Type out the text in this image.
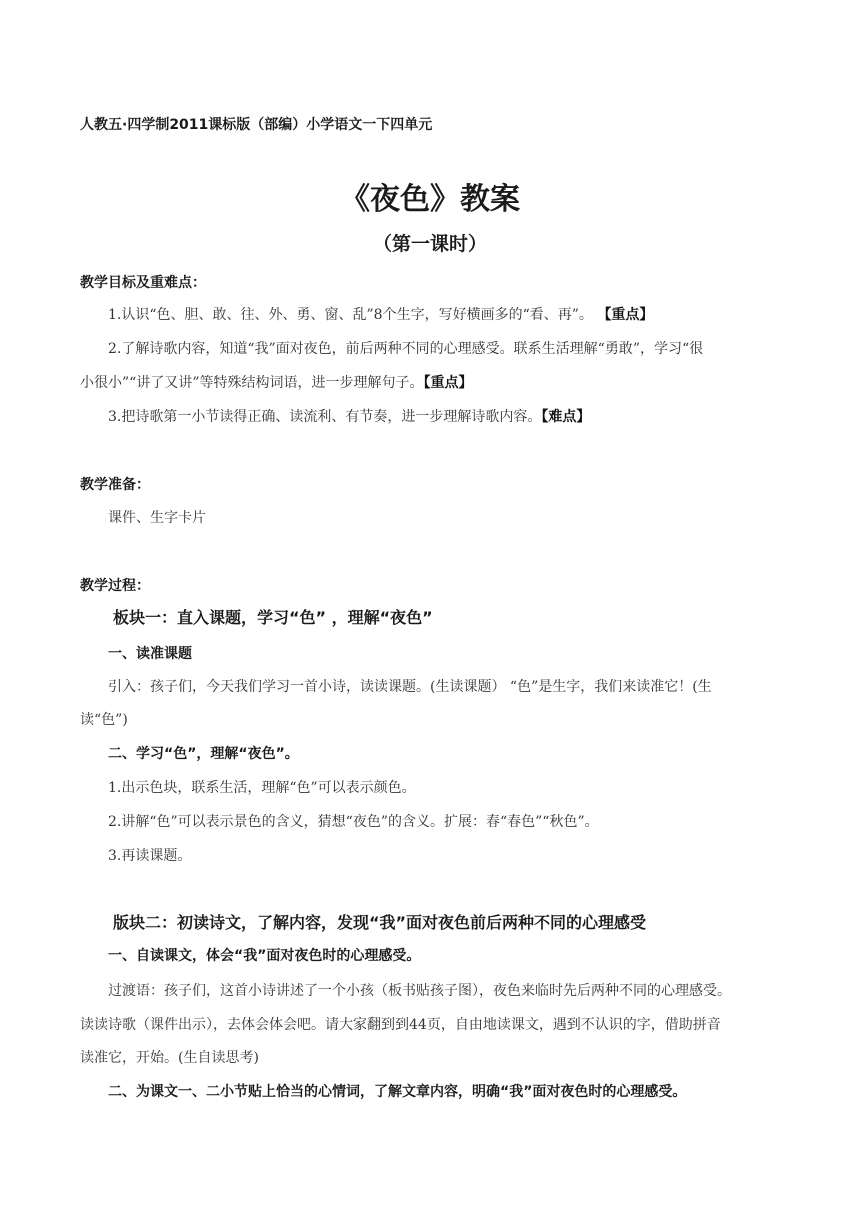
人教五·四学制2011课标版（部编）小学语文一下四单元
《夜色》教案
（第一课时）
教学目标及重难点：
1.认识“色、胆、敢、往、外、勇、窗、乱”8个生字，写好横画多的“看、再”。 【重点】
2.了解诗歌内容，知道“我”面对夜色，前后两种不同的心理感受。联系生活理解“勇敢”，学习“很
小很小”“讲了又讲”等特殊结构词语，进一步理解句子。【重点】
3.把诗歌第一小节读得正确、读流利、有节奏，进一步理解诗歌内容。【难点】
教学准备：
课件、生字卡片
教学过程：
板块一：直入课题，学习“色” ，理解“夜色”
一、读准课题
引入：孩子们，今天我们学习一首小诗，读读课题。(生读课题） “色”是生字，我们来读准它！(生
读“色”)
二、学习“色”，理解“夜色”。
1.出示色块，联系生活，理解“色”可以表示颜色。
2.讲解“色”可以表示景色的含义，猜想“夜色”的含义。扩展：春“春色”“秋色”。
3.再读课题。
版块二：初读诗文，了解内容，发现“我”面对夜色前后两种不同的心理感受
一、自读课文，体会“我”面对夜色时的心理感受。
过渡语：孩子们，这首小诗讲述了一个小孩（板书贴孩子图），夜色来临时先后两种不同的心理感受。
读读诗歌（课件出示），去体会体会吧。请大家翻到到44页，自由地读课文，遇到不认识的字，借助拼音
读准它，开始。(生自读思考)
二、为课文一、二小节贴上恰当的心情词，了解文章内容，明确“我”面对夜色时的心理感受。
